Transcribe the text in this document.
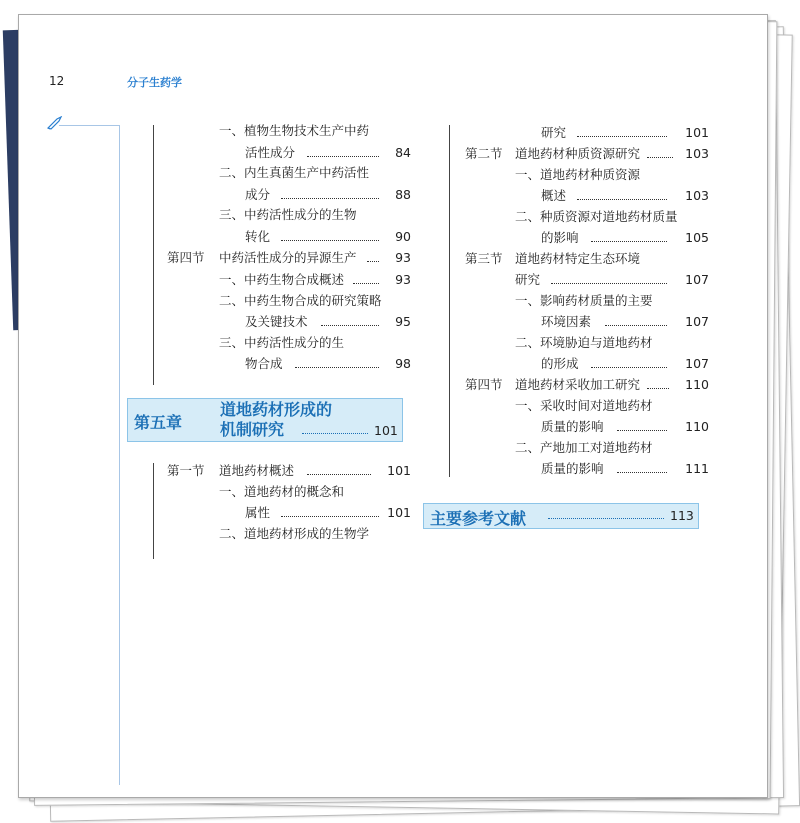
12	分子生药学
一、植物生物技术生产中药
活性成分	84
二、内生真菌生产中药活性
成分	88
三、中药活性成分的生物
转化	90
第四节 中药活性成分的异源生产	93
一、中药生物合成概述	93
二、中药生物合成的研究策略
及关键技术	95
三、中药活性成分的生
物合成	98
第五章
道地药材形成的
机制研究	101
第一节 道地药材概述	101
一、道地药材的概念和
属性	101
二、道地药材形成的生物学
研究	101
第二节 道地药材种质资源研究	103
一、道地药材种质资源
概述	103
二、种质资源对道地药材质量
的影响	105
第三节 道地药材特定生态环境
研究	107
一、影响药材质量的主要
环境因素	107
二、环境胁迫与道地药材
的形成	107
第四节 道地药材采收加工研究	110
一、采收时间对道地药材
质量的影响	110
二、产地加工对道地药材
质量的影响	111
主要参考文献	113
